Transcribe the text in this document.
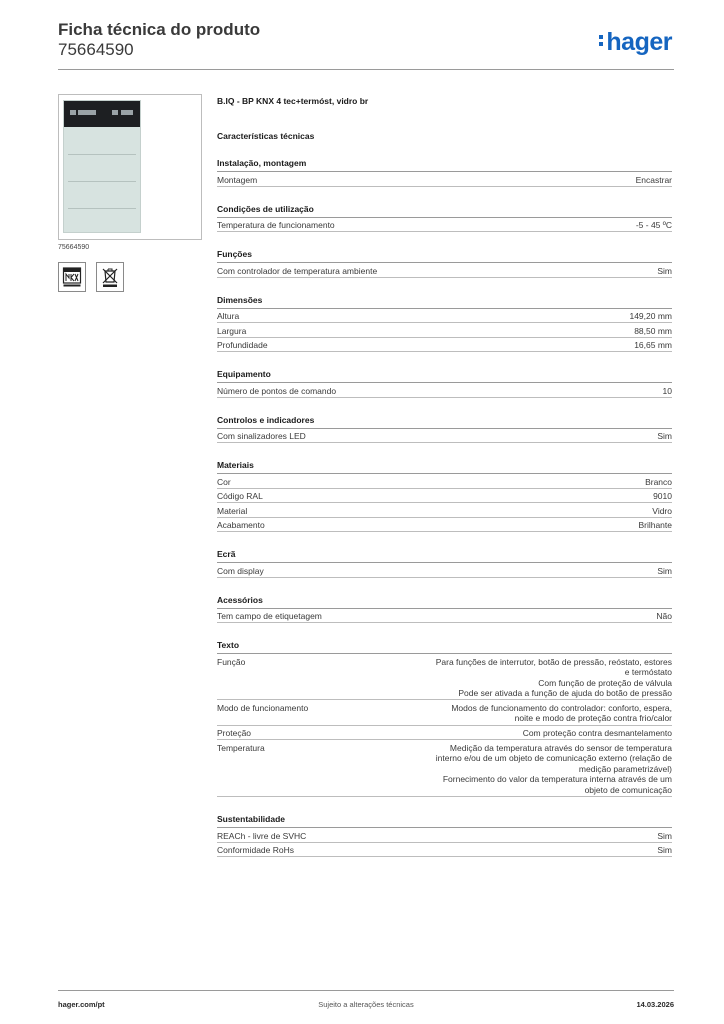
Ficha técnica do produto
75664590	hager
75664590
B.IQ - BP KNX 4 tec+termóst, vidro br
Características técnicas
Instalação, montagem
Montagem	Encastrar
Condições de utilização
Temperatura de funcionamento	-5 - 45 ºC
Funções
Com controlador de temperatura ambiente	Sim
Dimensões
Altura	149,20 mm
Largura	88,50 mm
Profundidade	16,65 mm
Equipamento
Número de pontos de comando	10
Controlos e indicadores
Com sinalizadores LED	Sim
Materiais
Cor	Branco
Código RAL	9010
Material	Vidro
Acabamento	Brilhante
Ecrã
Com display	Sim
Acessórios
Tem campo de etiquetagem	Não
Texto
Função	Para funções de interrutor, botão de pressão, reóstato, estores
e termóstato
Com função de proteção de válvula
Pode ser ativada a função de ajuda do botão de pressão
Modo de funcionamento	Modos de funcionamento do controlador: conforto, espera,
noite e modo de proteção contra frio/calor
Proteção	Com proteção contra desmantelamento
Temperatura	Medição da temperatura através do sensor de temperatura
interno e/ou de um objeto de comunicação externo (relação de
medição parametrizável)
Fornecimento do valor da temperatura interna através de um
objeto de comunicação
Sustentabilidade
REACh - livre de SVHC	Sim
Conformidade RoHs	Sim
Sujeito a alterações técnicas
hager.com/pt	14.03.2026
